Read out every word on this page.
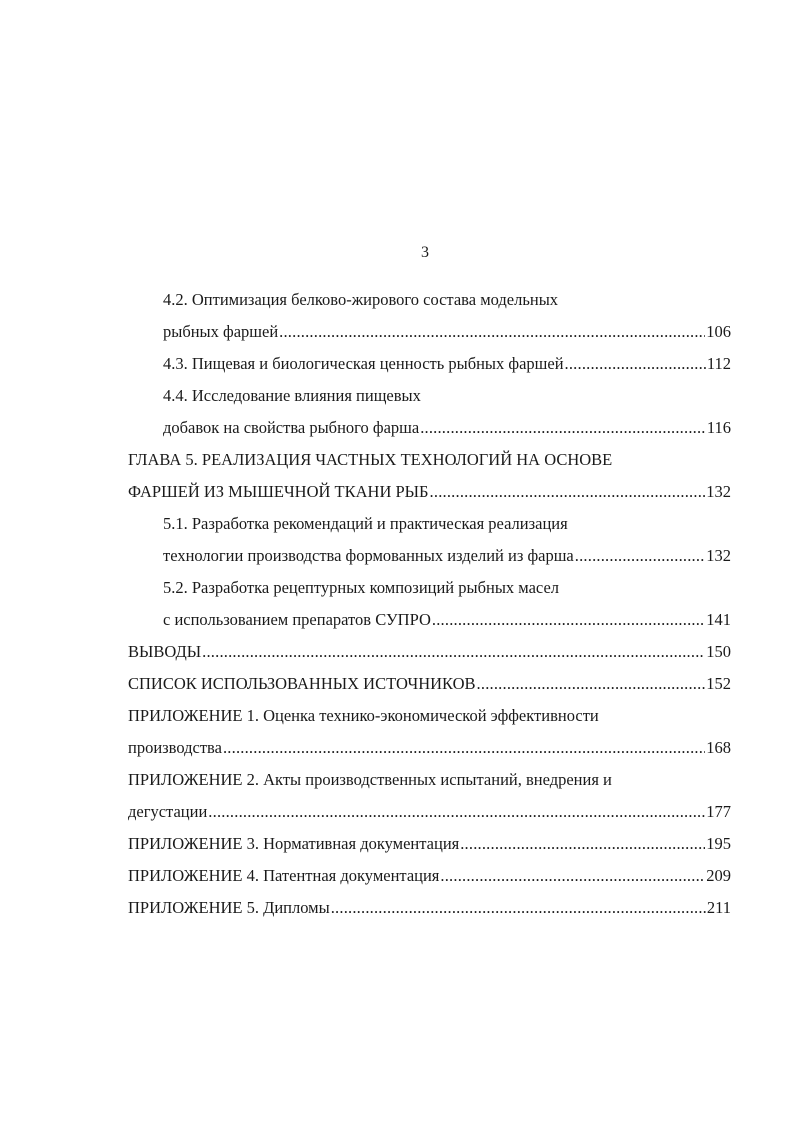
3
4.2. Оптимизация белково-жирового состава модельных
рыбных фаршей .....	106
4.3. Пищевая и биологическая ценность рыбных фаршей .....	112
4.4. Исследование влияния пищевых
добавок на свойства рыбного фарша .....	116
ГЛАВА 5. РЕАЛИЗАЦИЯ ЧАСТНЫХ ТЕХНОЛОГИЙ НА ОСНОВЕ
ФАРШЕЙ ИЗ МЫШЕЧНОЙ ТКАНИ РЫБ .....	132
5.1. Разработка рекомендаций и практическая реализация
технологии производства формованных изделий из фарша .....	132
5.2. Разработка рецептурных композиций рыбных масел
с использованием препаратов СУПРО .....	141
ВЫВОДЫ .....	150
СПИСОК ИСПОЛЬЗОВАННЫХ ИСТОЧНИКОВ .....	152
ПРИЛОЖЕНИЕ 1. Оценка технико-экономической эффективности
производства .....	168
ПРИЛОЖЕНИЕ 2. Акты производственных испытаний, внедрения и
дегустации .....	177
ПРИЛОЖЕНИЕ 3. Нормативная документация .....	195
ПРИЛОЖЕНИЕ 4. Патентная документация .....	209
ПРИЛОЖЕНИЕ 5. Дипломы .....	211
